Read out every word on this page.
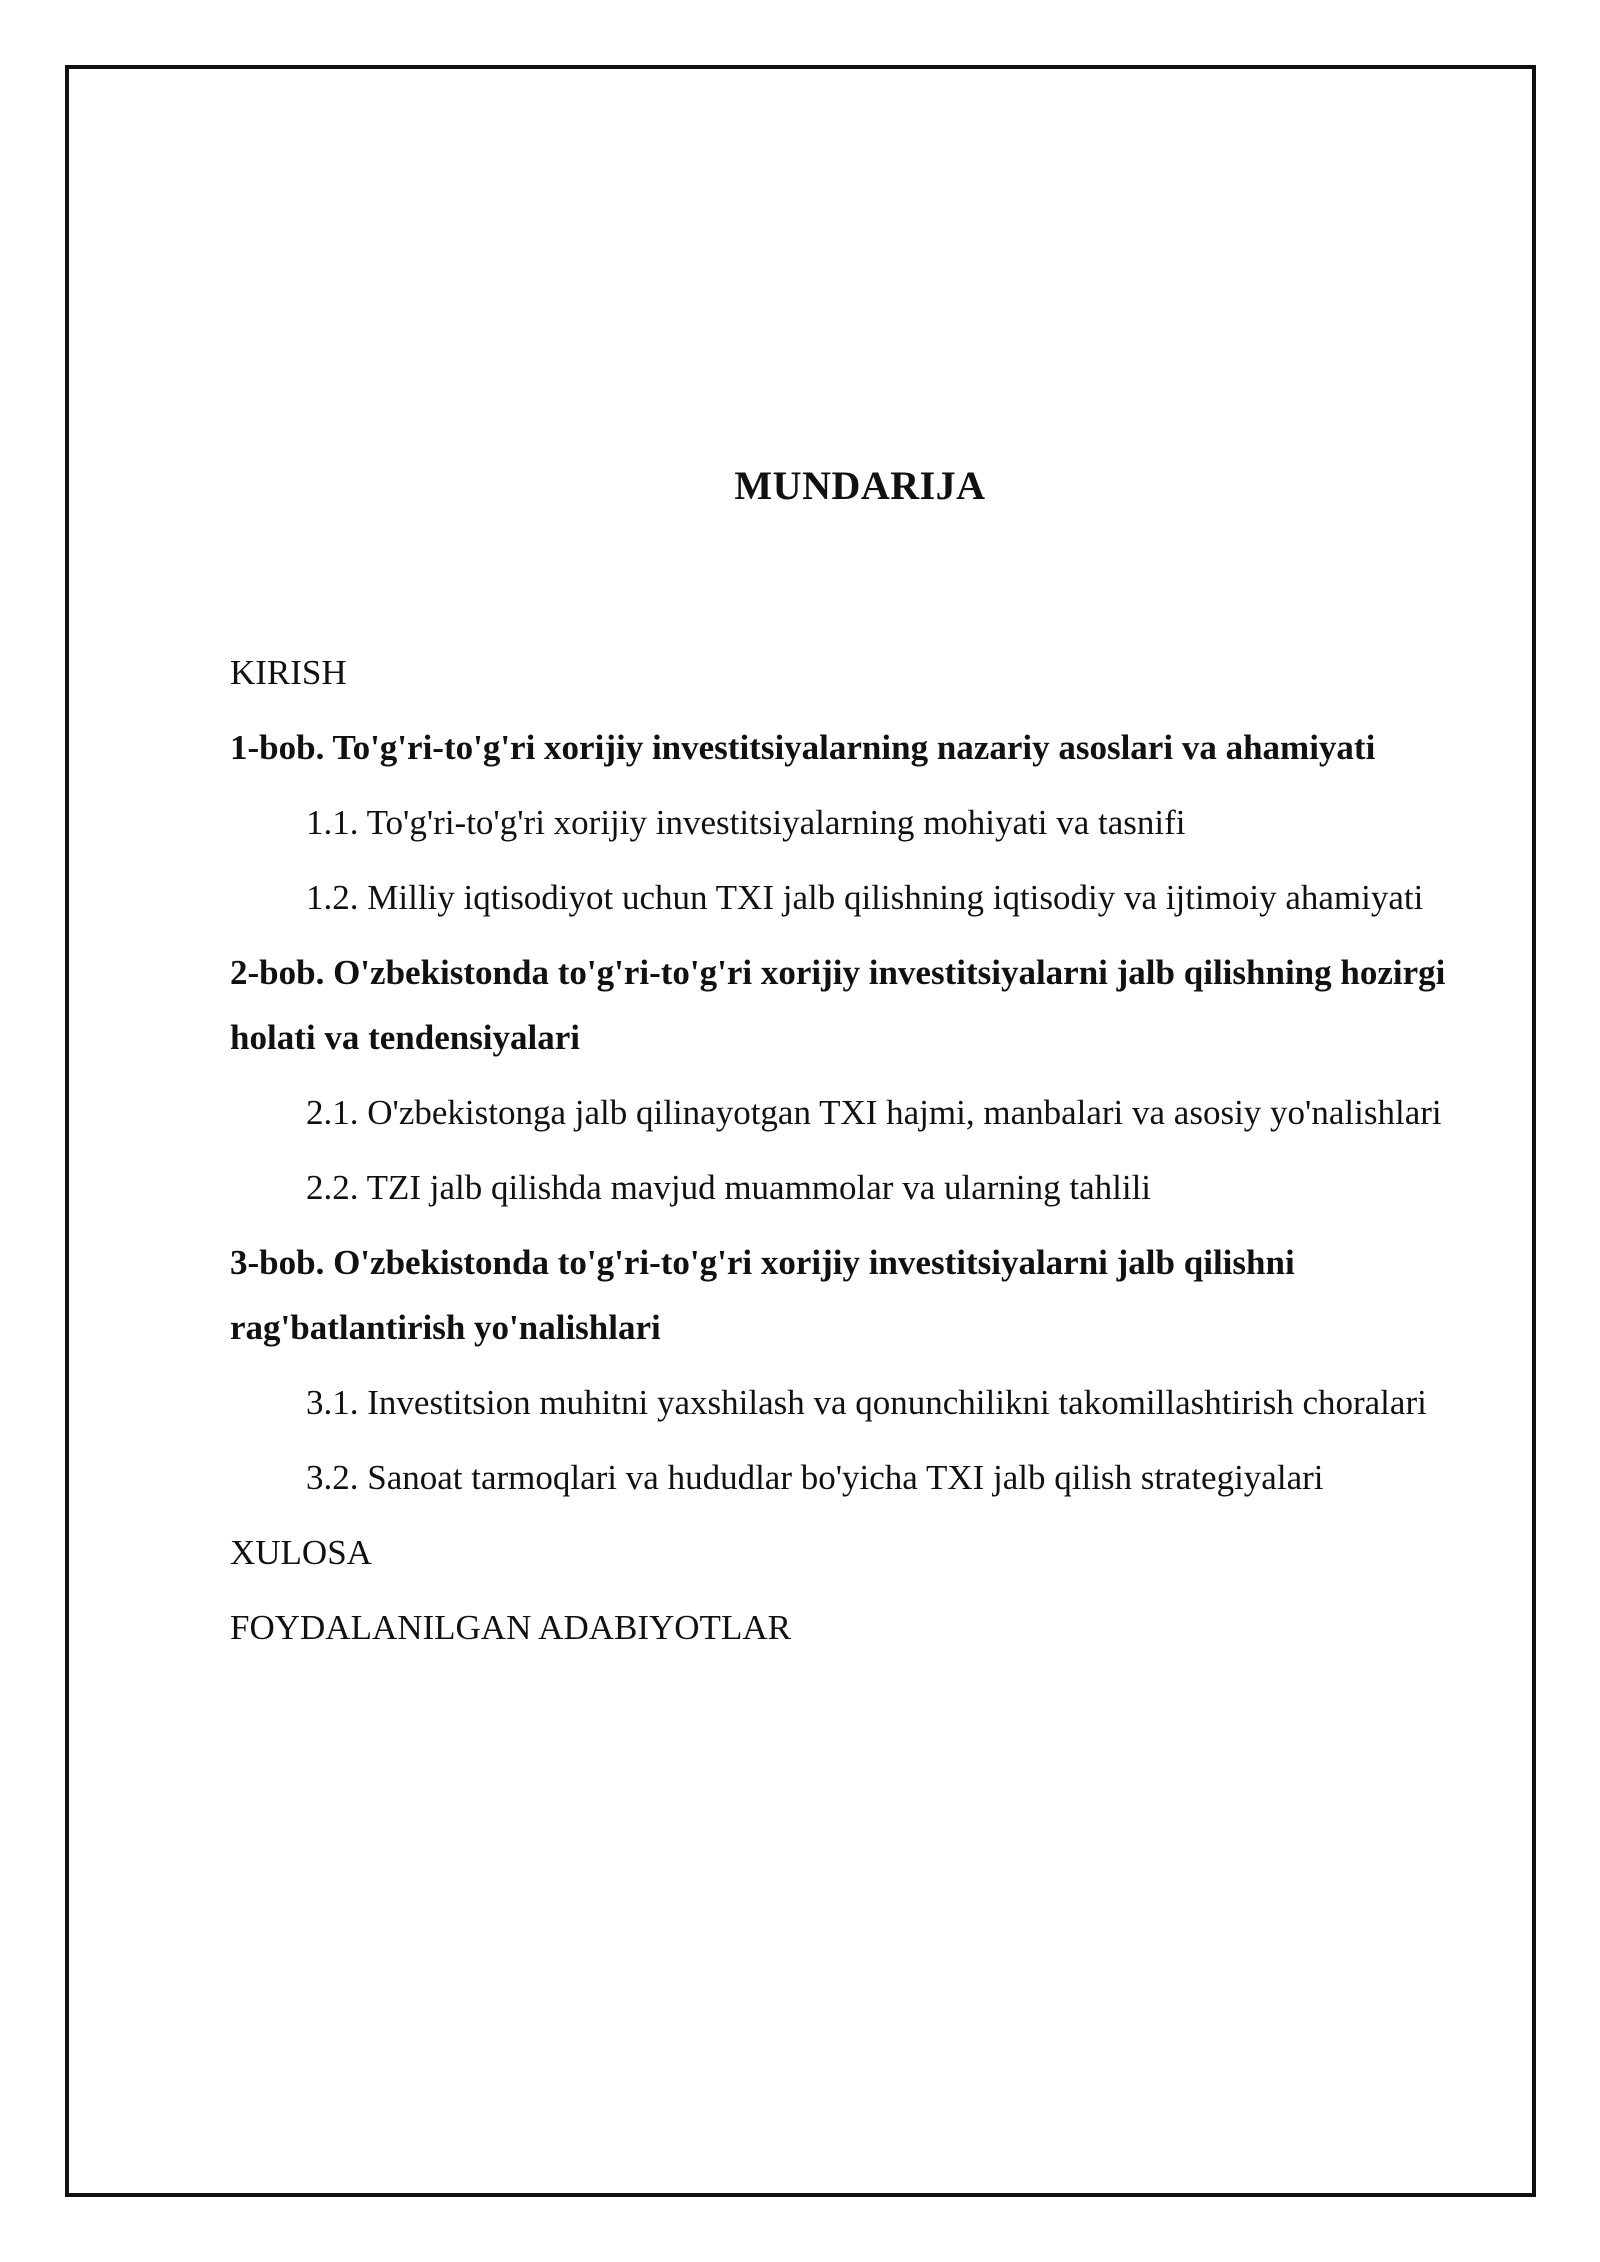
MUNDARIJA
KIRISH
1-bob. To'g'ri-to'g'ri xorijiy investitsiyalarning nazariy asoslari va ahamiyati
1.1. To'g'ri-to'g'ri xorijiy investitsiyalarning mohiyati va tasnifi
1.2. Milliy iqtisodiyot uchun TXI jalb qilishning iqtisodiy va ijtimoiy ahamiyati
2-bob. O'zbekistonda to'g'ri-to'g'ri xorijiy investitsiyalarni jalb qilishning hozirgi holati va tendensiyalari
2.1. O'zbekistonga jalb qilinayotgan TXI hajmi, manbalari va asosiy yo'nalishlari
2.2. TZI jalb qilishda mavjud muammolar va ularning tahlili
3-bob. O'zbekistonda to'g'ri-to'g'ri xorijiy investitsiyalarni jalb qilishni rag'batlantirish yo'nalishlari
3.1. Investitsion muhitni yaxshilash va qonunchilikni takomillashtirish choralari
3.2. Sanoat tarmoqlari va hududlar bo'yicha TXI jalb qilish strategiyalari
XULOSA
FOYDALANILGAN ADABIYOTLAR
